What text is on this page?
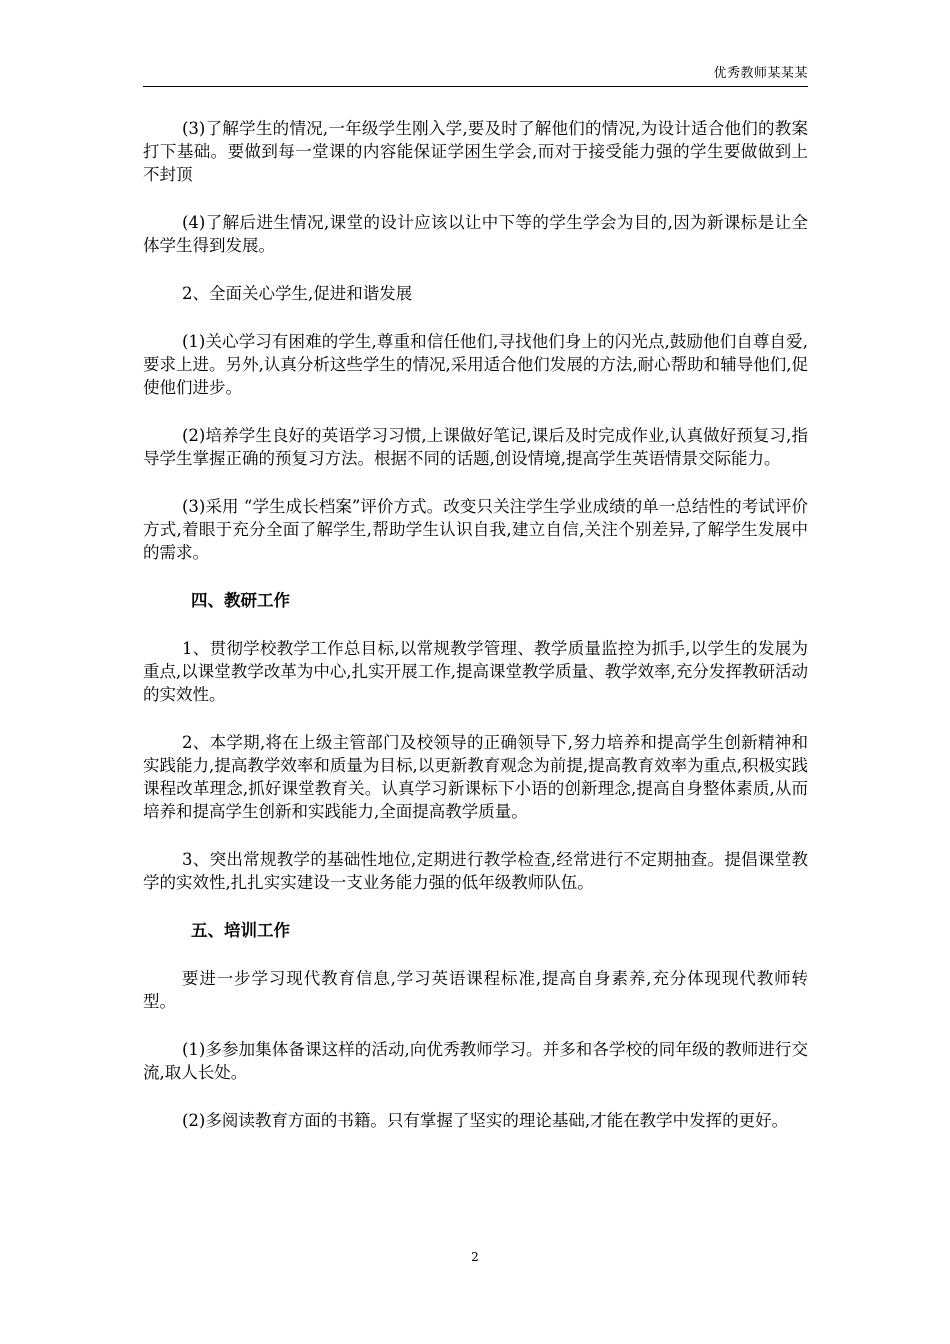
优秀教师某某某

(3)了解学生的情况,一年级学生刚入学,要及时了解他们的情况,为设计适合他们的教案打下基础。要做到每一堂课的内容能保证学困生学会,而对于接受能力强的学生要做做到上不封顶

(4)了解后进生情况,课堂的设计应该以让中下等的学生学会为目的,因为新课标是让全体学生得到发展。

2、全面关心学生,促进和谐发展

(1)关心学习有困难的学生,尊重和信任他们,寻找他们身上的闪光点,鼓励他们自尊自爱,要求上进。另外,认真分析这些学生的情况,采用适合他们发展的方法,耐心帮助和辅导他们,促使他们进步。

(2)培养学生良好的英语学习习惯,上课做好笔记,课后及时完成作业,认真做好预复习,指导学生掌握正确的预复习方法。根据不同的话题,创设情境,提高学生英语情景交际能力。

(3)采用 “学生成长档案”评价方式。改变只关注学生学业成绩的单一总结性的考试评价方式,着眼于充分全面了解学生,帮助学生认识自我,建立自信,关注个别差异,了解学生发展中的需求。

四、教研工作

1、贯彻学校教学工作总目标,以常规教学管理、教学质量监控为抓手,以学生的发展为重点,以课堂教学改革为中心,扎实开展工作,提高课堂教学质量、教学效率,充分发挥教研活动的实效性。

2、本学期,将在上级主管部门及校领导的正确领导下,努力培养和提高学生创新精神和实践能力,提高教学效率和质量为目标,以更新教育观念为前提,提高教育效率为重点,积极实践课程改革理念,抓好课堂教育关。认真学习新课标下小语的创新理念,提高自身整体素质,从而培养和提高学生创新和实践能力,全面提高教学质量。

3、突出常规教学的基础性地位,定期进行教学检查,经常进行不定期抽查。提倡课堂教学的实效性,扎扎实实建设一支业务能力强的低年级教师队伍。

五、培训工作

要进一步学习现代教育信息,学习英语课程标准,提高自身素养,充分体现现代教师转型。

(1)多参加集体备课这样的活动,向优秀教师学习。并多和各学校的同年级的教师进行交流,取人长处。

(2)多阅读教育方面的书籍。只有掌握了坚实的理论基础,才能在教学中发挥的更好。

2
